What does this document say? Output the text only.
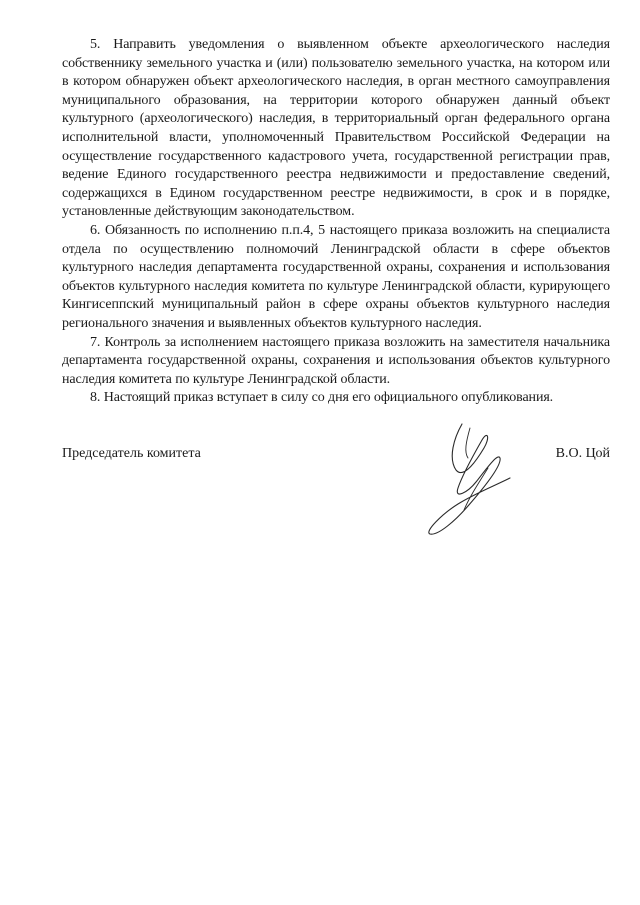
5. Направить уведомления о выявленном объекте археологического наследия собственнику земельного участка и (или) пользователю земельного участка, на котором или в котором обнаружен объект археологического наследия, в орган местного самоуправления муниципального образования, на территории которого обнаружен данный объект культурного (археологического) наследия, в территориальный орган федерального органа исполнительной власти, уполномоченный Правительством Российской Федерации на осуществление государственного кадастрового учета, государственной регистрации прав, ведение Единого государственного реестра недвижимости и предоставление сведений, содержащихся в Едином государственном реестре недвижимости, в срок и в порядке, установленные действующим законодательством.

6. Обязанность по исполнению п.п.4, 5 настоящего приказа возложить на специалиста отдела по осуществлению полномочий Ленинградской области в сфере объектов культурного наследия департамента государственной охраны, сохранения и использования объектов культурного наследия комитета по культуре Ленинградской области, курирующего Кингисеппский муниципальный район в сфере охраны объектов культурного наследия регионального значения и выявленных объектов культурного наследия.

7. Контроль за исполнением настоящего приказа возложить на заместителя начальника департамента государственной охраны, сохранения и использования объектов культурного наследия комитета по культуре Ленинградской области.

8. Настоящий приказ вступает в силу со дня его официального опубликования.

Председатель комитета	В.О. Цой
